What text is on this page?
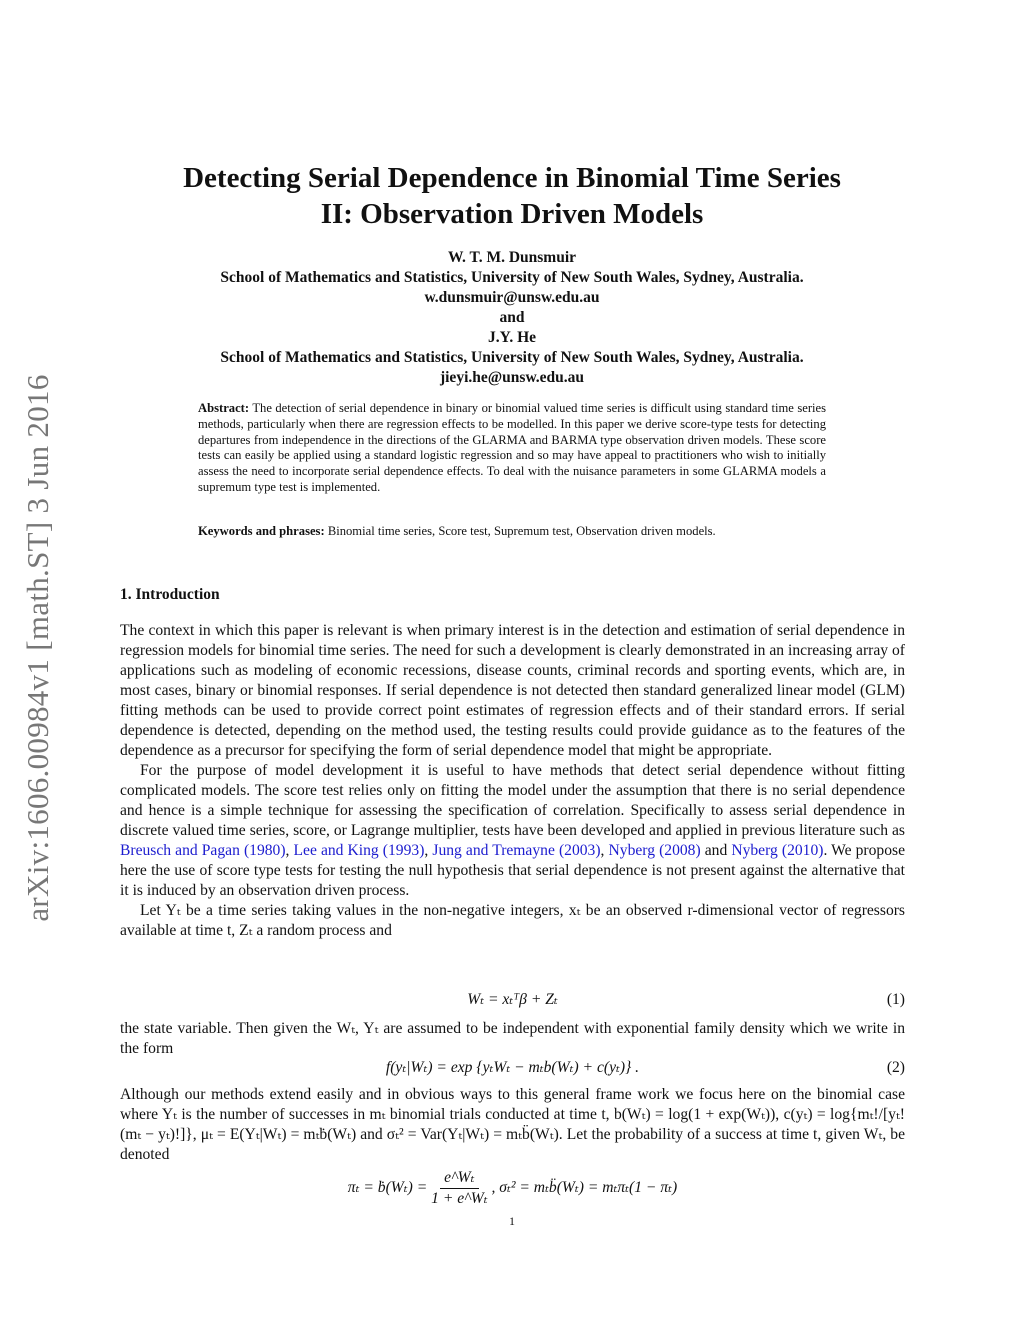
arXiv:1606.00984v1 [math.ST] 3 Jun 2016
Detecting Serial Dependence in Binomial Time Series
II: Observation Driven Models
W. T. M. Dunsmuir
School of Mathematics and Statistics, University of New South Wales, Sydney, Australia.
w.dunsmuir@unsw.edu.au
and
J.Y. He
School of Mathematics and Statistics, University of New South Wales, Sydney, Australia.
jieyi.he@unsw.edu.au
Abstract: The detection of serial dependence in binary or binomial valued time series is difficult using standard time series methods, particularly when there are regression effects to be modelled. In this paper we derive score-type tests for detecting departures from independence in the directions of the GLARMA and BARMA type observation driven models. These score tests can easily be applied using a standard logistic regression and so may have appeal to practitioners who wish to initially assess the need to incorporate serial dependence effects. To deal with the nuisance parameters in some GLARMA models a supremum type test is implemented.
Keywords and phrases: Binomial time series, Score test, Supremum test, Observation driven models.
1. Introduction

The context in which this paper is relevant is when primary interest is in the detection and estimation of serial dependence in regression models for binomial time series. The need for such a development is clearly demonstrated in an increasing array of applications such as modeling of economic recessions, disease counts, criminal records and sporting events, which are, in most cases, binary or binomial responses. If serial dependence is not detected then standard generalized linear model (GLM) fitting methods can be used to provide correct point estimates of regression effects and of their standard errors. If serial dependence is detected, depending on the method used, the testing results could provide guidance as to the features of the dependence as a precursor for specifying the form of serial dependence model that might be appropriate.

For the purpose of model development it is useful to have methods that detect serial dependence without fitting complicated models. The score test relies only on fitting the model under the assumption that there is no serial dependence and hence is a simple technique for assessing the specification of correlation. Specifically to assess serial dependence in discrete valued time series, score, or Lagrange multiplier, tests have been developed and applied in previous literature such as Breusch and Pagan (1980), Lee and King (1993), Jung and Tremayne (2003), Nyberg (2008) and Nyberg (2010). We propose here the use of score type tests for testing the null hypothesis that serial dependence is not present against the alternative that it is induced by an observation driven process.

Let Yₜ be a time series taking values in the non-negative integers, xₜ be an observed r-dimensional vector of regressors available at time t, Zₜ a random process and

Wₜ = xₜᵀβ + Zₜ	(1)

the state variable. Then given the Wₜ, Yₜ are assumed to be independent with exponential family density which we write in the form

f(yₜ|Wₜ) = exp {yₜWₜ − mₜb(Wₜ) + c(yₜ)} .	(2)

Although our methods extend easily and in obvious ways to this general frame work we focus here on the binomial case where Yₜ is the number of successes in mₜ binomial trials conducted at time t, b(Wₜ) = log(1 + exp(Wₜ)), c(yₜ) = log{mₜ!/[yₜ!(mₜ − yₜ)!]}, μₜ = E(Yₜ|Wₜ) = mₜḃ(Wₜ) and σₜ² = Var(Yₜ|Wₜ) = mₜb̈(Wₜ). Let the probability of a success at time t, given Wₜ, be denoted

πₜ = ḃ(Wₜ) = $\frac{\text{e\textasciicircum{}Wₜ}}{\text{1 + e\textasciicircum{}Wₜ}}$ , σₜ² = mₜb̈(Wₜ) = mₜπₜ(1 − πₜ)
1
